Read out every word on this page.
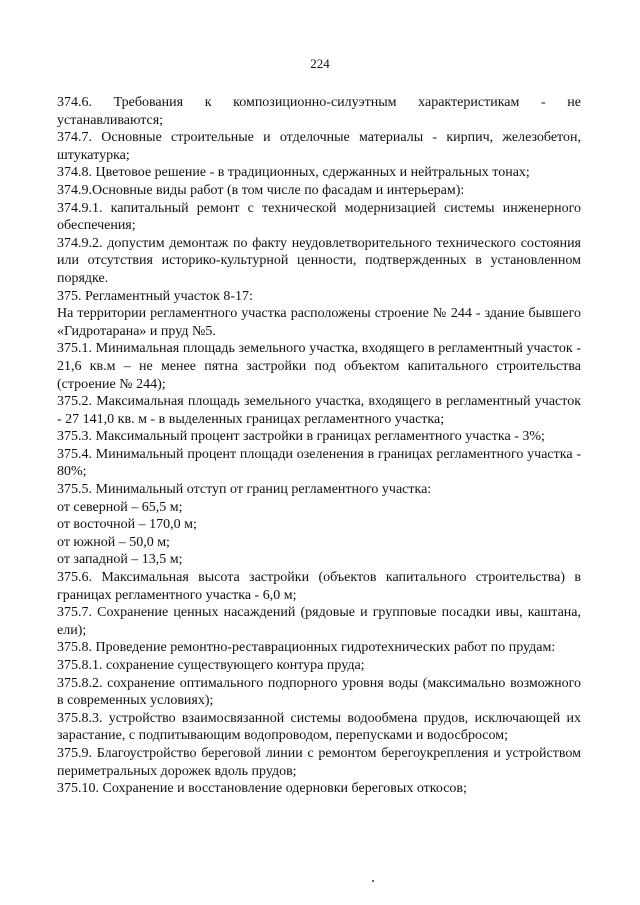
224

374.6. Требования к композиционно-силуэтным характеристикам - не устанавливаются;

374.7. Основные строительные и отделочные материалы - кирпич, железобетон, штукатурка;

374.8. Цветовое решение - в традиционных, сдержанных и нейтральных тонах;

374.9.Основные виды работ (в том числе по фасадам и интерьерам):

374.9.1. капитальный ремонт с технической модернизацией системы инженерного обеспечения;

374.9.2. допустим демонтаж по факту неудовлетворительного технического состояния или отсутствия историко-культурной ценности, подтвержденных в установленном порядке.

375. Регламентный участок 8-17:

На территории регламентного участка расположены строение № 244 - здание бывшего «Гидротарана» и пруд №5.

375.1. Минимальная площадь земельного участка, входящего в регламентный участок - 21,6 кв.м – не менее пятна застройки под объектом капитального строительства (строение № 244);

375.2. Максимальная площадь земельного участка, входящего в регламентный участок - 27 141,0 кв. м - в выделенных границах регламентного участка;

375.3. Максимальный процент застройки в границах регламентного участка - 3%;

375.4. Минимальный процент площади озеленения в границах регламентного участка - 80%;

375.5. Минимальный отступ от границ регламентного участка:

от северной – 65,5 м;

от восточной – 170,0 м;

от южной – 50,0 м;

от западной – 13,5 м;

375.6. Максимальная высота застройки (объектов капитального строительства) в границах регламентного участка - 6,0 м;

375.7. Сохранение ценных насаждений (рядовые и групповые посадки ивы, каштана, ели);

375.8. Проведение ремонтно-реставрационных гидротехнических работ по прудам:

375.8.1. сохранение существующего контура пруда;

375.8.2. сохранение оптимального подпорного уровня воды (максимально возможного в современных условиях);

375.8.3. устройство взаимосвязанной системы водообмена прудов, исключающей их зарастание, с подпитывающим водопроводом, перепусками и водосбросом;

375.9. Благоустройство береговой линии с ремонтом берегоукрепления и устройством периметральных дорожек вдоль прудов;

375.10. Сохранение и восстановление одерновки береговых откосов;
